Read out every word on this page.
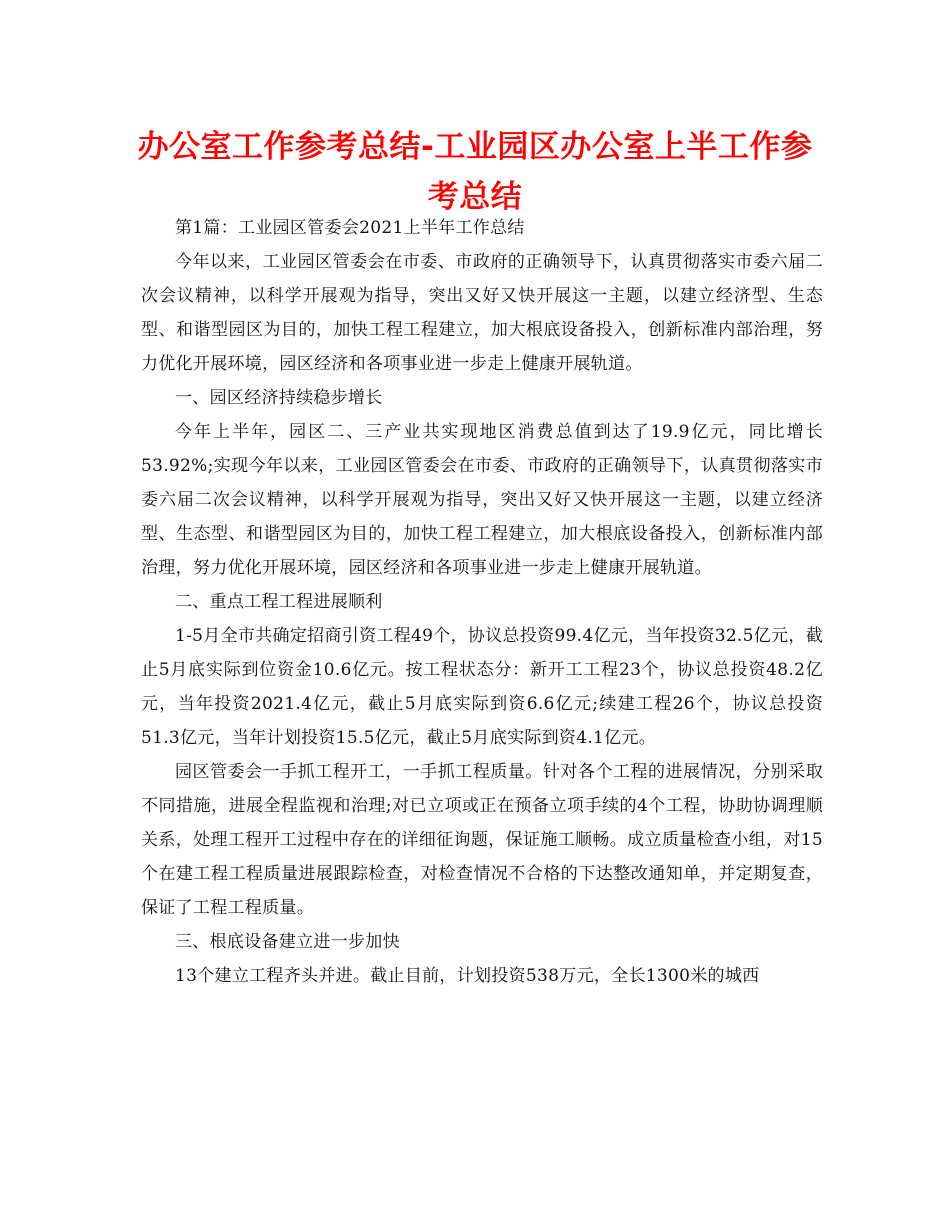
办公室工作参考总结-工业园区办公室上半工作参考总结

第1篇：工业园区管委会2021上半年工作总结

今年以来，工业园区管委会在市委、市政府的正确领导下，认真贯彻落实市委六届二次会议精神，以科学开展观为指导，突出又好又快开展这一主题，以建立经济型、生态型、和谐型园区为目的，加快工程工程建立，加大根底设备投入，创新标准内部治理，努力优化开展环境，园区经济和各项事业进一步走上健康开展轨道。

一、园区经济持续稳步增长

今年上半年，园区二、三产业共实现地区消费总值到达了19.9亿元，同比增长53.92%;实现今年以来，工业园区管委会在市委、市政府的正确领导下，认真贯彻落实市委六届二次会议精神，以科学开展观为指导，突出又好又快开展这一主题，以建立经济型、生态型、和谐型园区为目的，加快工程工程建立，加大根底设备投入，创新标准内部治理，努力优化开展环境，园区经济和各项事业进一步走上健康开展轨道。

二、重点工程工程进展顺利

1-5月全市共确定招商引资工程49个，协议总投资99.4亿元，当年投资32.5亿元，截止5月底实际到位资金10.6亿元。按工程状态分：新开工工程23个，协议总投资48.2亿元，当年投资2021.4亿元，截止5月底实际到资6.6亿元;续建工程26个，协议总投资51.3亿元，当年计划投资15.5亿元，截止5月底实际到资4.1亿元。

园区管委会一手抓工程开工，一手抓工程质量。针对各个工程的进展情况，分别采取不同措施，进展全程监视和治理;对已立项或正在预备立项手续的4个工程，协助协调理顺关系，处理工程开工过程中存在的详细征询题，保证施工顺畅。成立质量检查小组，对15个在建工程工程质量进展跟踪检查，对检查情况不合格的下达整改通知单，并定期复查，保证了工程工程质量。

三、根底设备建立进一步加快

13个建立工程齐头并进。截止目前，计划投资538万元，全长1300米的城西
